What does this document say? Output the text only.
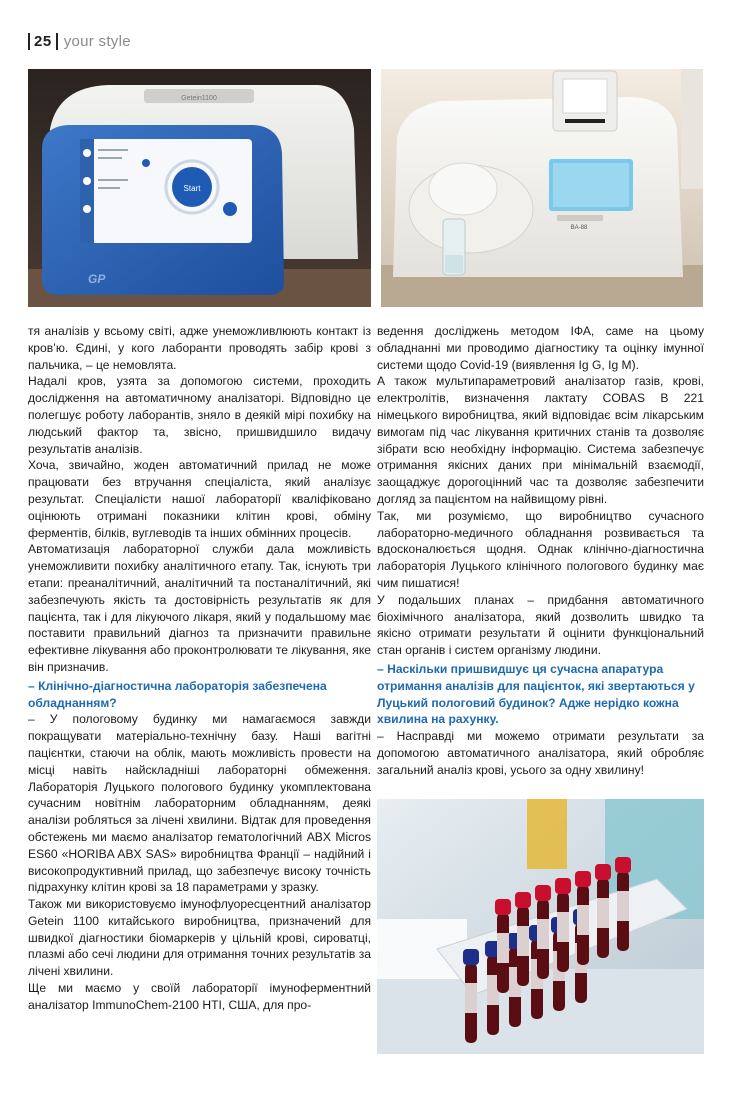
25 your style
Getein1100
Start
GP
BA-88

тя аналізів у всьому світі, адже унеможливлюють контакт із кров’ю. Єдині, у кого лаборанти проводять забір крові з пальчика, – це немовлята.

Надалі кров, узята за допомогою системи, проходить дослідження на автоматичному аналізаторі. Відповідно це полегшує роботу лаборантів, зняло в деякій мірі похибку на людський фактор та, звісно, пришвидшило видачу результатів аналізів.

Хоча, звичайно, жоден автоматичний прилад не може працювати без втручання спеціаліста, який аналізує результат. Спеціалісти нашої лабораторії кваліфіковано оцінюють отримані показники клітин крові, обміну ферментів, білків, вуглеводів та інших обмінних процесів.

Автоматизація лабораторної служби дала можливість унеможливити похибку аналітичного етапу. Так, існують три етапи: преаналітичний, аналітичний та постаналітичний, які забезпечують якість та достовірність результатів як для пацієнта, так і для лікуючого лікаря, який у подальшому має поставити правильний діагноз та призначити правильне ефективне лікування або проконтролювати те лікування, яке він призначив.

– Клінічно-діагностична лабораторія забезпечена обладнанням?

– У пологовому будинку ми намагаємося завжди покращувати матеріально-технічну базу. Наші вагітні пацієнтки, стаючи на облік, мають можливість провести на місці навіть найскладніші лабораторні обмеження. Лабораторія Луцького пологового будинку укомплектована сучасним новітнім лабораторним обладнанням, деякі аналізи робляться за лічені хвилини. Відтак для проведення обстежень ми маємо аналізатор гематологічний ABX Micros ES60 «HORIBA ABX SAS» виробництва Франції – надійний і високопродуктивний прилад, що забезпечує високу точність підрахунку клітин крові за 18 параметрами у зразку.

Також ми використовуємо імунофлуоресцентний аналізатор Getein 1100 китайського виробництва, призначений для швидкої діагностики біомаркерів у цільній крові, сироватці, плазмі або сечі людини для отримання точних результатів за лічені хвилини.

Ще ми маємо у своїй лабораторії імуноферментний аналізатор ImmunoChem-2100 HTI, США, для про-

ведення досліджень методом ІФА, саме на цьому обладнанні ми проводимо діагностику та оцінку імунної системи щодо Covid-19 (виявлення Ig G, Ig M).

А також мультипараметровий аналізатор газів, крові, електролітів, визначення лактату COBAS B 221 німецького виробництва, який відповідає всім лікарським вимогам під час лікування критичних станів та дозволяє зібрати всю необхідну інформацію. Система забезпечує отримання якісних даних при мінімальній взаємодії, заощаджує дорогоцінний час та дозволяє забезпечити догляд за пацієнтом на найвищому рівні.

Так, ми розуміємо, що виробництво сучасного лабораторно-медичного обладнання розвивається та вдосконалюється щодня. Однак клінічно-діагностична лабораторія Луцького клінічного пологового будинку має чим пишатися!

У подальших планах – придбання автоматичного біохімічного аналізатора, який дозволить швидко та якісно отримати результати й оцінити функціональний стан органів і систем організму людини.

– Наскільки пришвидшує ця сучасна апаратура отримання аналізів для пацієнток, які звертаються у Луцький пологовий будинок? Адже нерідко кожна хвилина на рахунку.

– Насправді ми можемо отримати результати за допомогою автоматичного аналізатора, який обробляє загальний аналіз крові, усього за одну хвилину!
